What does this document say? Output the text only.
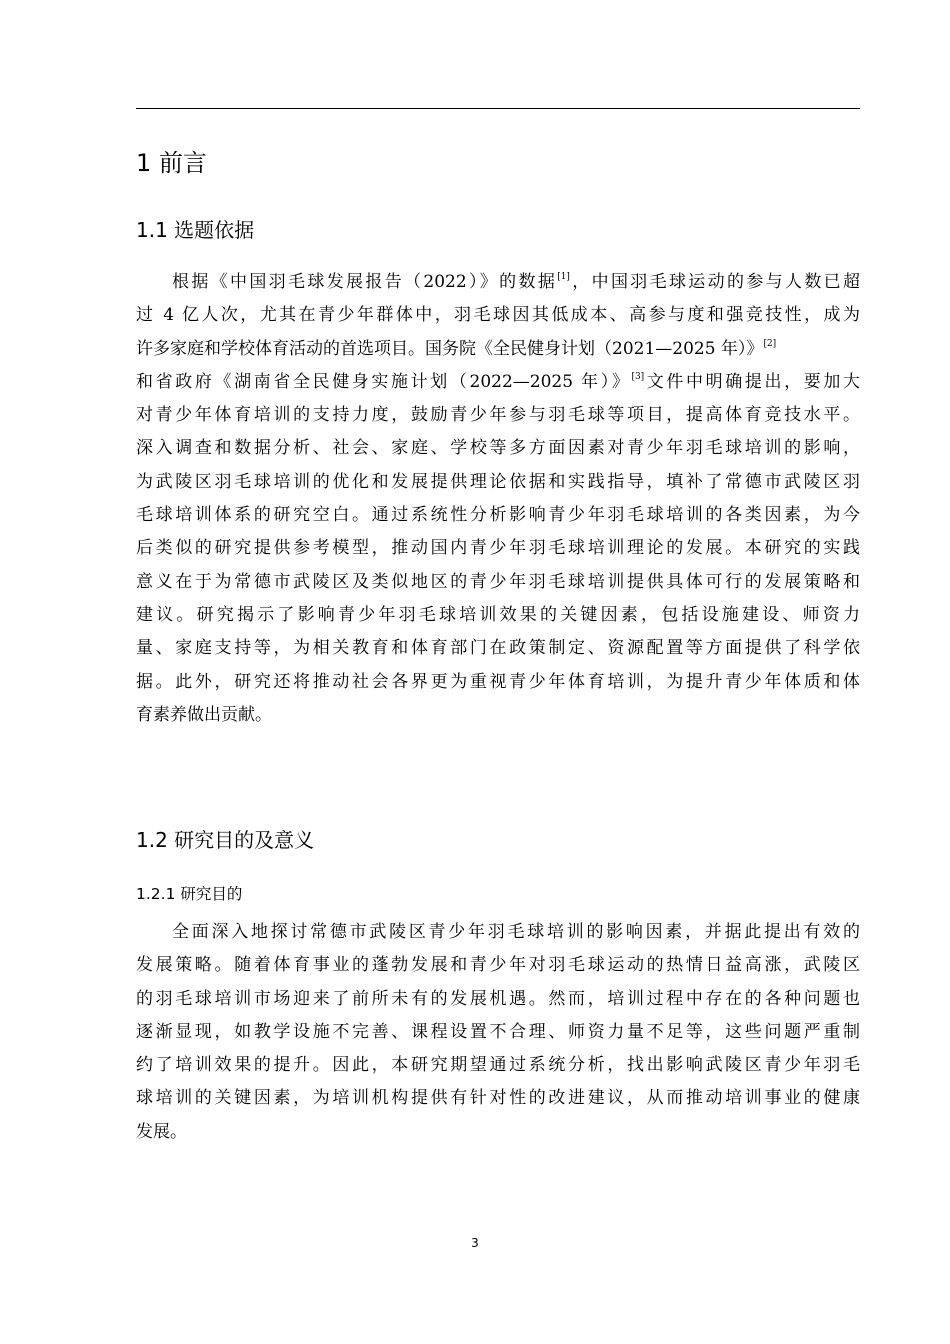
1 前言
1.1 选题依据
根据《中国羽毛球发展报告（2022）》的数据[1]，中国羽毛球运动的参与人数已超
过 4 亿人次，尤其在青少年群体中，羽毛球因其低成本、高参与度和强竞技性，成为
许多家庭和学校体育活动的首选项目。国务院《全民健身计划（2021—2025 年）》[2]
和省政府《湖南省全民健身实施计划（2022—2025 年）》[3]文件中明确提出，要加大
对青少年体育培训的支持力度，鼓励青少年参与羽毛球等项目，提高体育竞技水平。
深入调查和数据分析、社会、家庭、学校等多方面因素对青少年羽毛球培训的影响，
为武陵区羽毛球培训的优化和发展提供理论依据和实践指导，填补了常德市武陵区羽
毛球培训体系的研究空白。通过系统性分析影响青少年羽毛球培训的各类因素，为今
后类似的研究提供参考模型，推动国内青少年羽毛球培训理论的发展。本研究的实践
意义在于为常德市武陵区及类似地区的青少年羽毛球培训提供具体可行的发展策略和
建议。研究揭示了影响青少年羽毛球培训效果的关键因素，包括设施建设、师资力
量、家庭支持等，为相关教育和体育部门在政策制定、资源配置等方面提供了科学依
据。此外，研究还将推动社会各界更为重视青少年体育培训，为提升青少年体质和体
育素养做出贡献。
1.2 研究目的及意义
1.2.1 研究目的
全面深入地探讨常德市武陵区青少年羽毛球培训的影响因素，并据此提出有效的
发展策略。随着体育事业的蓬勃发展和青少年对羽毛球运动的热情日益高涨，武陵区
的羽毛球培训市场迎来了前所未有的发展机遇。然而，培训过程中存在的各种问题也
逐渐显现，如教学设施不完善、课程设置不合理、师资力量不足等，这些问题严重制
约了培训效果的提升。因此，本研究期望通过系统分析，找出影响武陵区青少年羽毛
球培训的关键因素，为培训机构提供有针对性的改进建议，从而推动培训事业的健康
发展。
3
